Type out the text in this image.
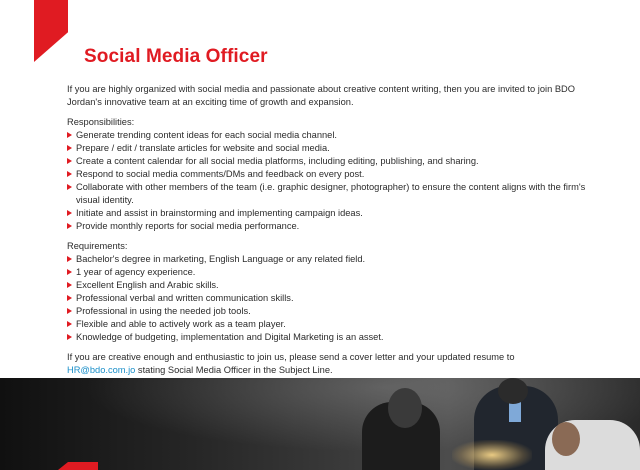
Social Media Officer

If you are highly organized with social media and passionate about creative content writing, then you are invited to join BDO Jordan's innovative team at an exciting time of growth and expansion.

Responsibilities:
Generate trending content ideas for each social media channel.
Prepare / edit / translate articles for website and social media.
Create a content calendar for all social media platforms, including editing, publishing, and sharing.
Respond to social media comments/DMs and feedback on every post.
Collaborate with other members of the team (i.e. graphic designer, photographer) to ensure the content aligns with the firm's visual identity.
Initiate and assist in brainstorming and implementing campaign ideas.
Provide monthly reports for social media performance.
Requirements:
Bachelor's degree in marketing, English Language or any related field.
1 year of agency experience.
Excellent English and Arabic skills.
Professional verbal and written communication skills.
Professional in using the needed job tools.
Flexible and able to actively work as a team player.
Knowledge of budgeting, implementation and Digital Marketing is an asset.

If you are creative enough and enthusiastic to join us, please send a cover letter and your updated resume to
HR@bdo.com.jo stating Social Media Officer in the Subject Line.
